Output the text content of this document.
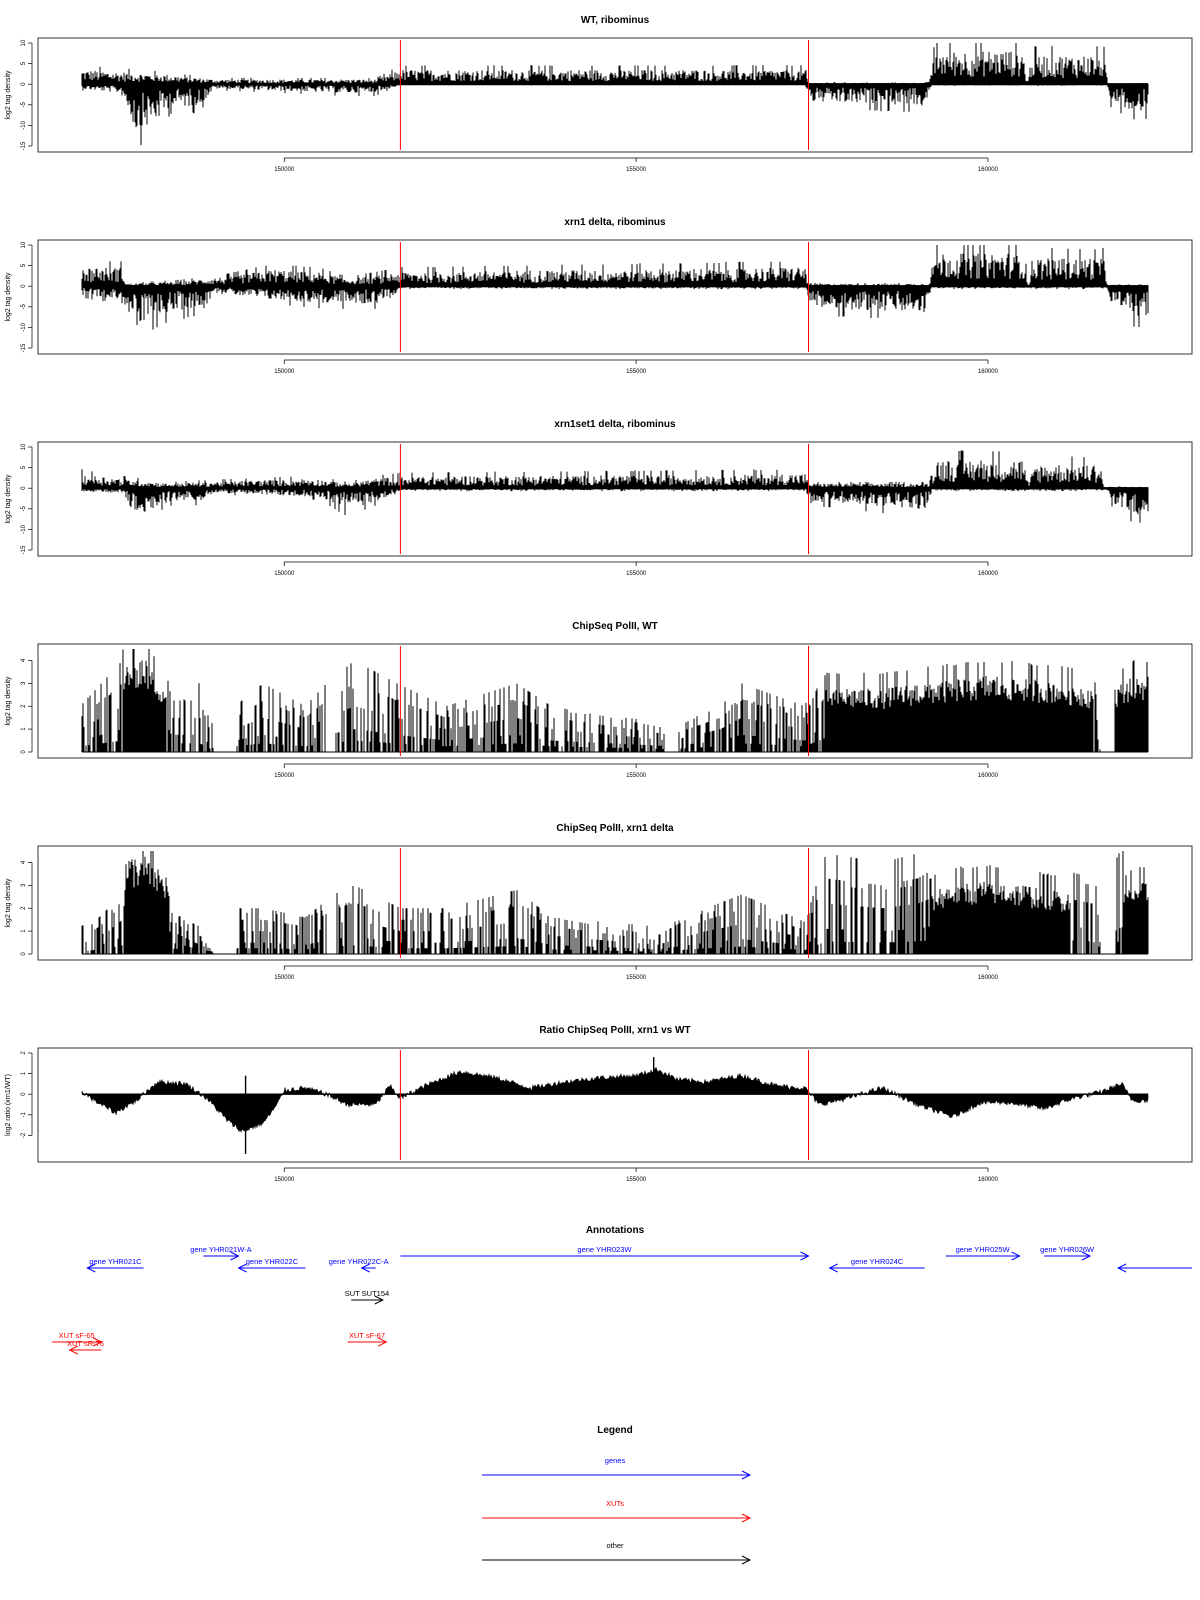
WT, ribominus
10
5
0
-5
-10
-15
log2 tag density
150000	155000	160000
xrn1 delta, ribominus
10
5
0
-5
-10
-15
log2 tag density
150000	155000	160000
xrn1set1 delta, ribominus
10
5
0
-5
-10
-15
log2 tag density
150000	155000	160000
ChipSeq PolII, WT
0
1
2
3
4
log2 tag density
150000	155000	160000
ChipSeq PolII, xrn1 delta
0
1
2
3
4
log2 tag density
150000	155000	160000
Ratio ChipSeq PolII, xrn1 vs WT
2
1
0
-1
-2
log2 ratio (xrn1/WT)
150000	155000	160000
Annotations
gene YHR021C
gene YHR021W-A
gene YHR022C	gene YHR022C-A
gene YHR023W
gene YHR024C
gene YHR025W	gene YHR026W
SUT SUT154
XUT sF-65
XUT sR-76
XUT sF-67
Legend
genes
XUTs
other
